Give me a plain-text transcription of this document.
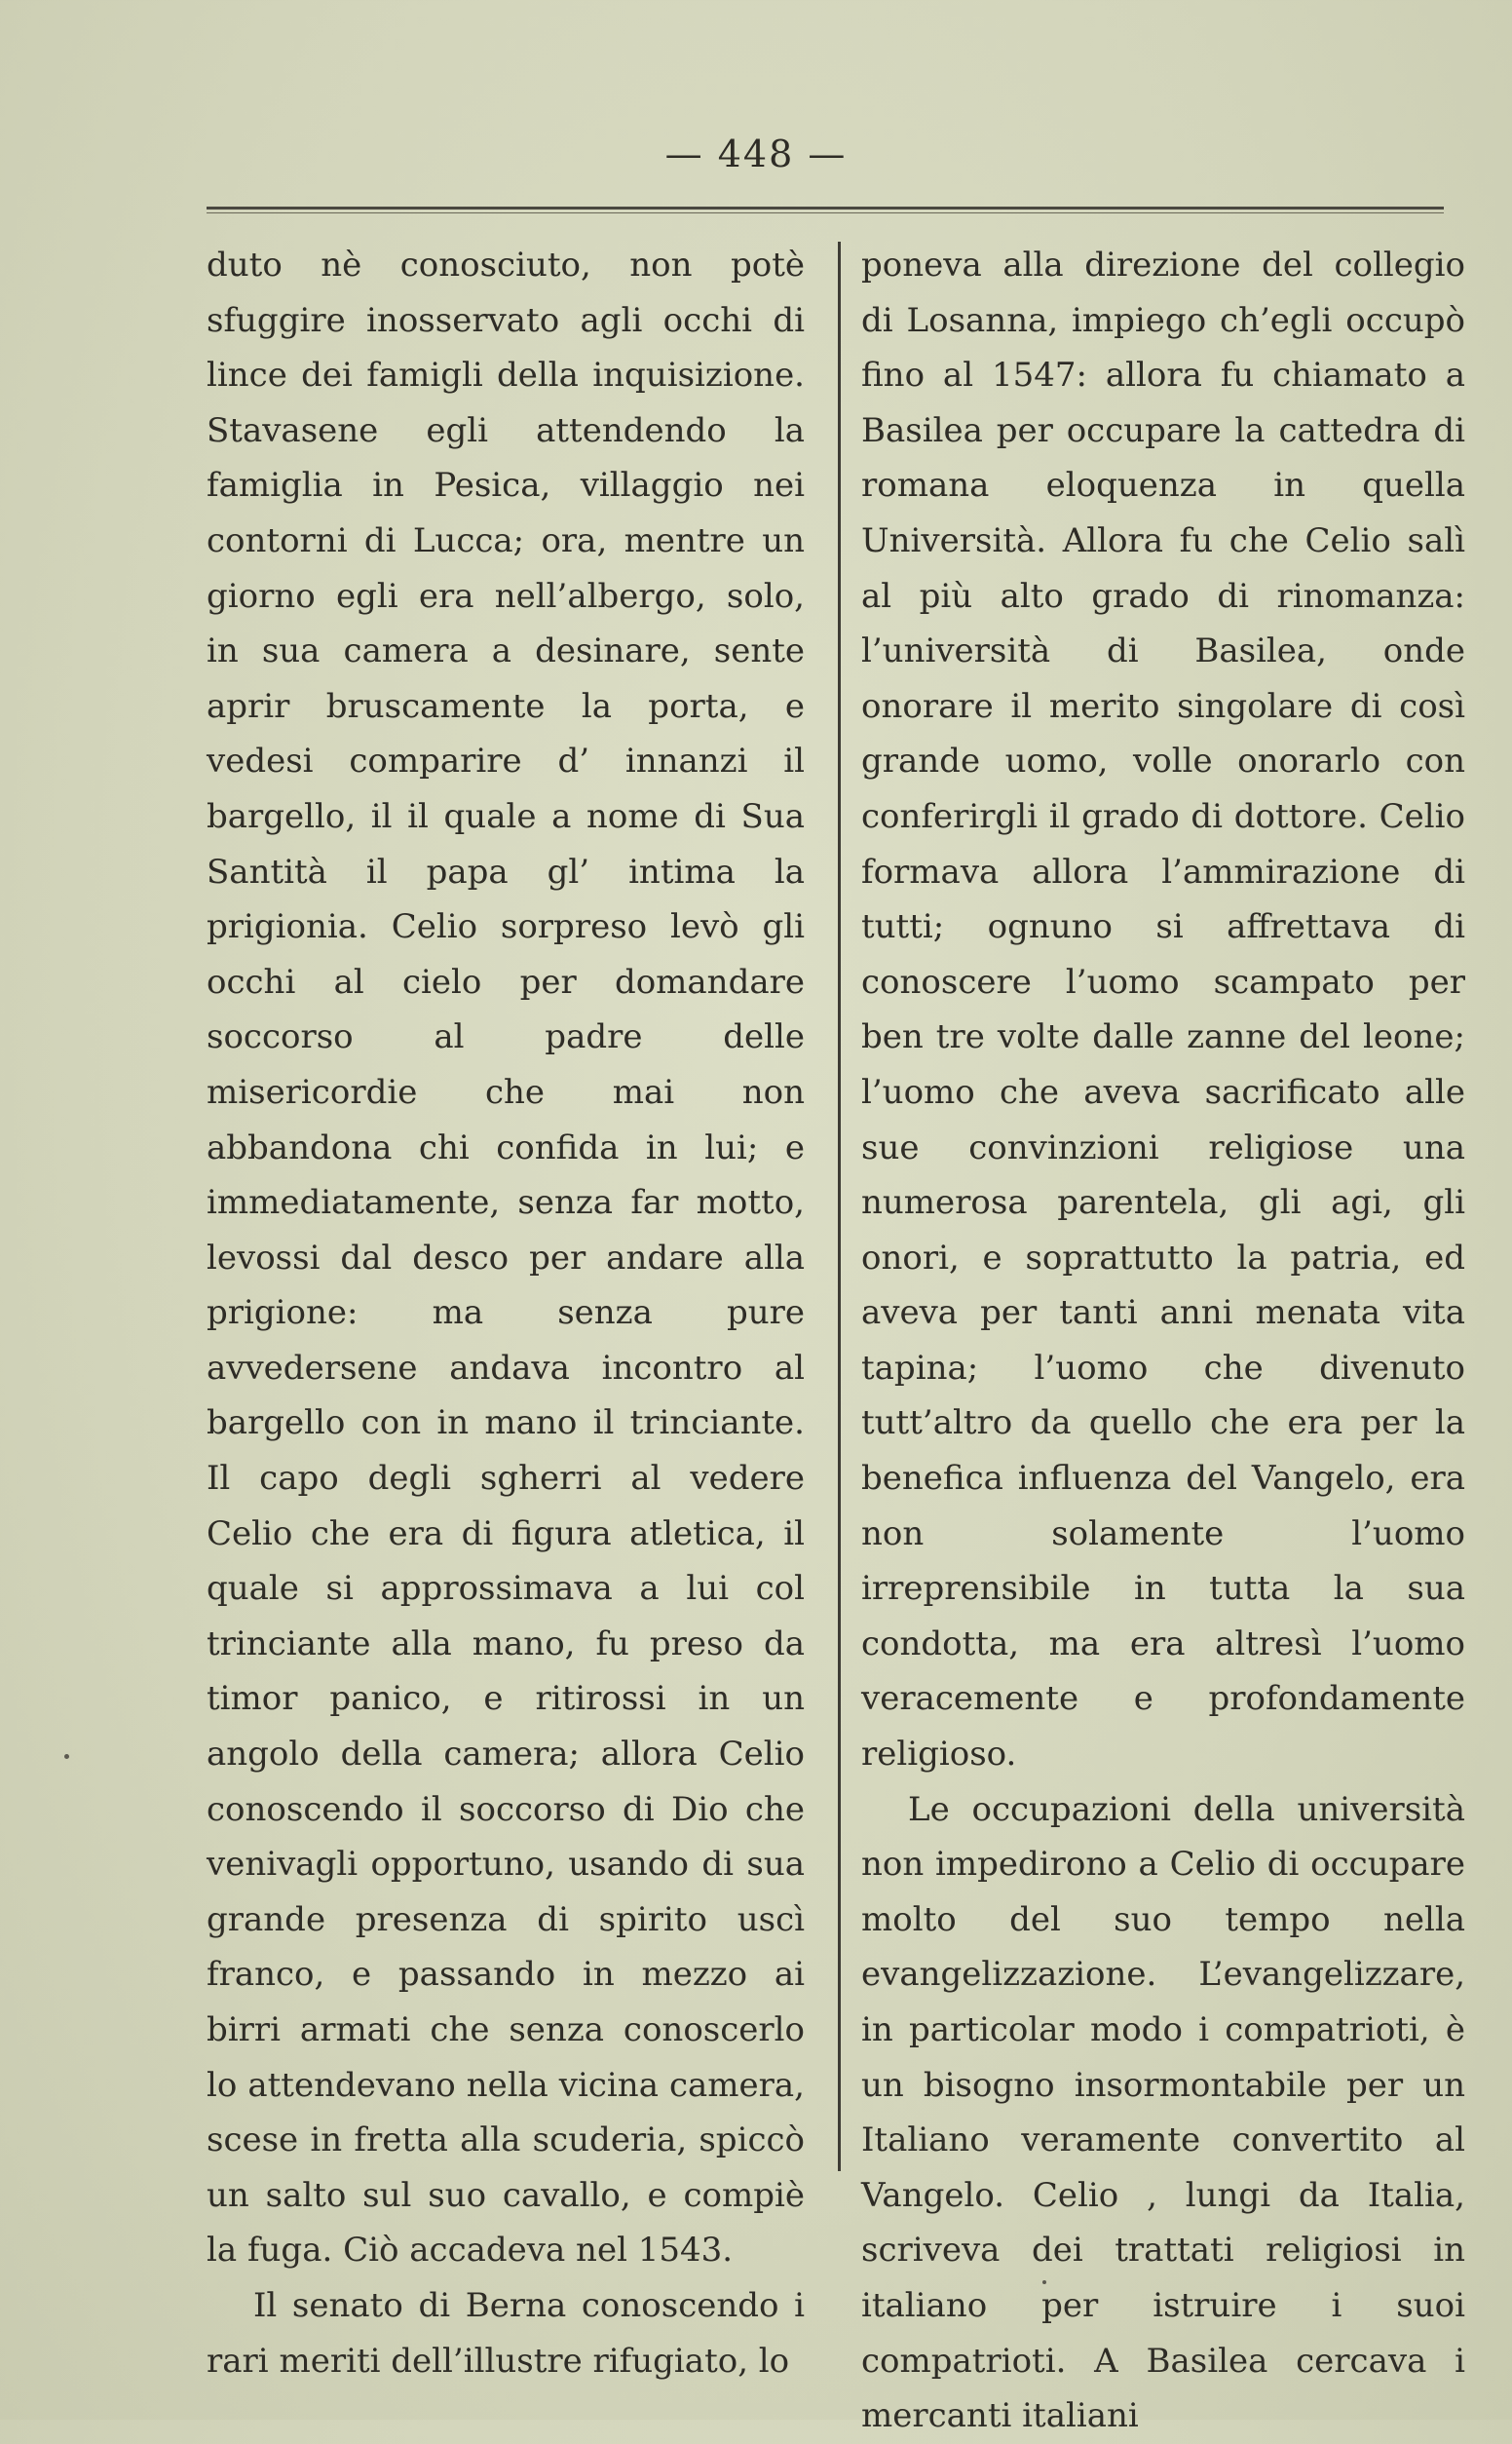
— 448 —

duto nè conosciuto, non potè sfuggire inosservato agli occhi di lince dei famigli della inquisizione. Stavasene egli attendendo la famiglia in Pesica, villaggio nei contorni di Lucca; ora, mentre un giorno egli era nell’albergo, solo, in sua camera a desinare, sente aprir bruscamente la porta, e vedesi comparire d’ innanzi il bargello, il il quale a nome di Sua Santità il papa gl’ intima la prigionia. Celio sorpreso levò gli occhi al cielo per domandare soccorso al padre delle misericordie che mai non abbandona chi confida in lui; e immediatamente, senza far motto, levossi dal desco per andare alla prigione: ma senza pure avvedersene andava incontro al bargello con in mano il trinciante. Il capo degli sgherri al vedere Celio che era di figura atletica, il quale si approssimava a lui col trinciante alla mano, fu preso da timor panico, e ritirossi in un angolo della camera; allora Celio conoscendo il soccorso di Dio che venivagli opportuno, usando di sua grande presenza di spirito uscì franco, e passando in mezzo ai birri armati che senza conoscerlo lo attendevano nella vicina camera, scese in fretta alla scuderia, spiccò un salto sul suo cavallo, e compiè la fuga. Ciò accadeva nel 1543.

Il senato di Berna conoscendo i rari meriti dell’illustre rifugiato, lo

poneva alla direzione del collegio di Losanna, impiego ch’egli occupò fino al 1547: allora fu chiamato a Basilea per occupare la cattedra di romana eloquenza in quella Università. Allora fu che Celio salì al più alto grado di rinomanza: l’università di Basilea, onde onorare il merito singolare di così grande uomo, volle onorarlo con conferirgli il grado di dottore. Celio formava allora l’ammirazione di tutti; ognuno si affrettava di conoscere l’uomo scampato per ben tre volte dalle zanne del leone; l’uomo che aveva sacrificato alle sue convinzioni religiose una numerosa parentela, gli agi, gli onori, e soprattutto la patria, ed aveva per tanti anni menata vita tapina; l’uomo che divenuto tutt’altro da quello che era per la benefica influenza del Vangelo, era non solamente l’uomo irreprensibile in tutta la sua condotta, ma era altresì l’uomo veracemente e profondamente religioso.

Le occupazioni della università non impedirono a Celio di occupare molto del suo tempo nella evangelizzazione. L’evangelizzare, in particolar modo i compatrioti, è un bisogno insormontabile per un Italiano veramente convertito al Vangelo. Celio , lungi da Italia, scriveva dei trattati religiosi in italiano per istruire i suoi compatrioti. A Basilea cercava i mercanti italiani
